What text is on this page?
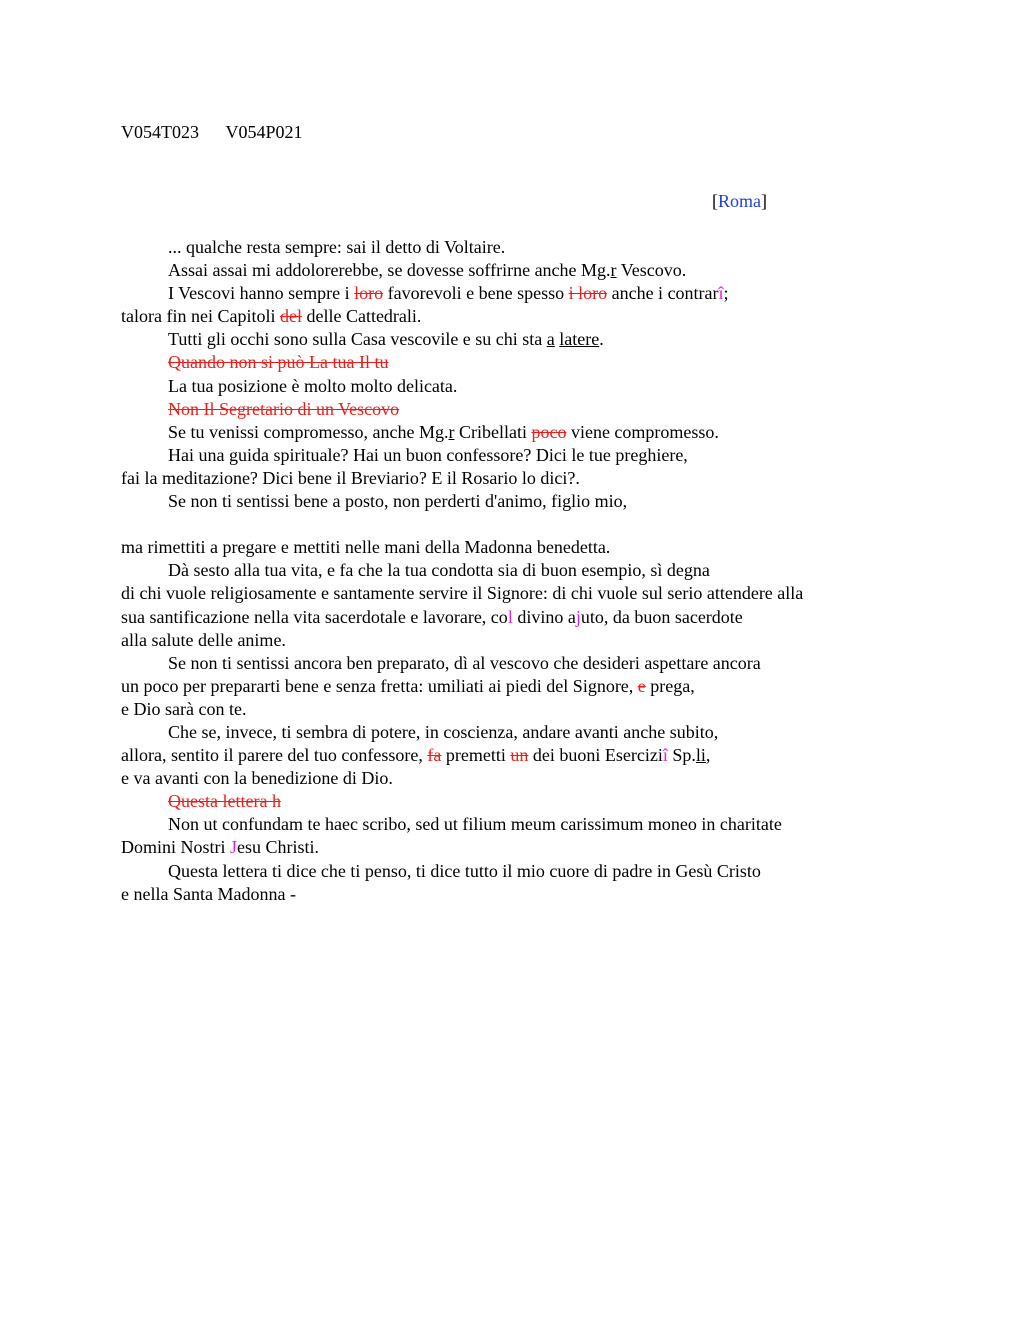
V054T023 V054P021
[Roma]
... qualche resta sempre: sai il detto di Voltaire.
Assai assai mi addolorerebbe, se dovesse soffrirne anche Mg.r Vescovo.
I Vescovi hanno sempre i loro favorevoli e bene spesso i loro anche i contrarî;
talora fin nei Capitoli del delle Cattedrali.
Tutti gli occhi sono sulla Casa vescovile e su chi sta a latere.
Quando non si può La tua Il tu
La tua posizione è molto molto delicata.
Non Il Segretario di un Vescovo
Se tu venissi compromesso, anche Mg.r Cribellati poco viene compromesso.
Hai una guida spirituale? Hai un buon confessore? Dici le tue preghiere,
fai la meditazione? Dici bene il Breviario? E il Rosario lo dici?.
Se non ti sentissi bene a posto, non perderti d'animo, figlio mio,
ma rimettiti a pregare e mettiti nelle mani della Madonna benedetta.
Dà sesto alla tua vita, e fa che la tua condotta sia di buon esempio, sì degna
di chi vuole religiosamente e santamente servire il Signore: di chi vuole sul serio attendere alla
sua santificazione nella vita sacerdotale e lavorare, col divino ajuto, da buon sacerdote
alla salute delle anime.
Se non ti sentissi ancora ben preparato, dì al vescovo che desideri aspettare ancora
un poco per prepararti bene e senza fretta: umiliati ai piedi del Signore, e prega,
e Dio sarà con te.
Che se, invece, ti sembra di potere, in coscienza, andare avanti anche subito,
allora, sentito il parere del tuo confessore, fa premetti un dei buoni Eserciziî Sp.li,
e va avanti con la benedizione di Dio.
Questa lettera h
Non ut confundam te haec scribo, sed ut filium meum carissimum moneo in charitate
Domini Nostri Jesu Christi.
Questa lettera ti dice che ti penso, ti dice tutto il mio cuore di padre in Gesù Cristo
e nella Santa Madonna -
